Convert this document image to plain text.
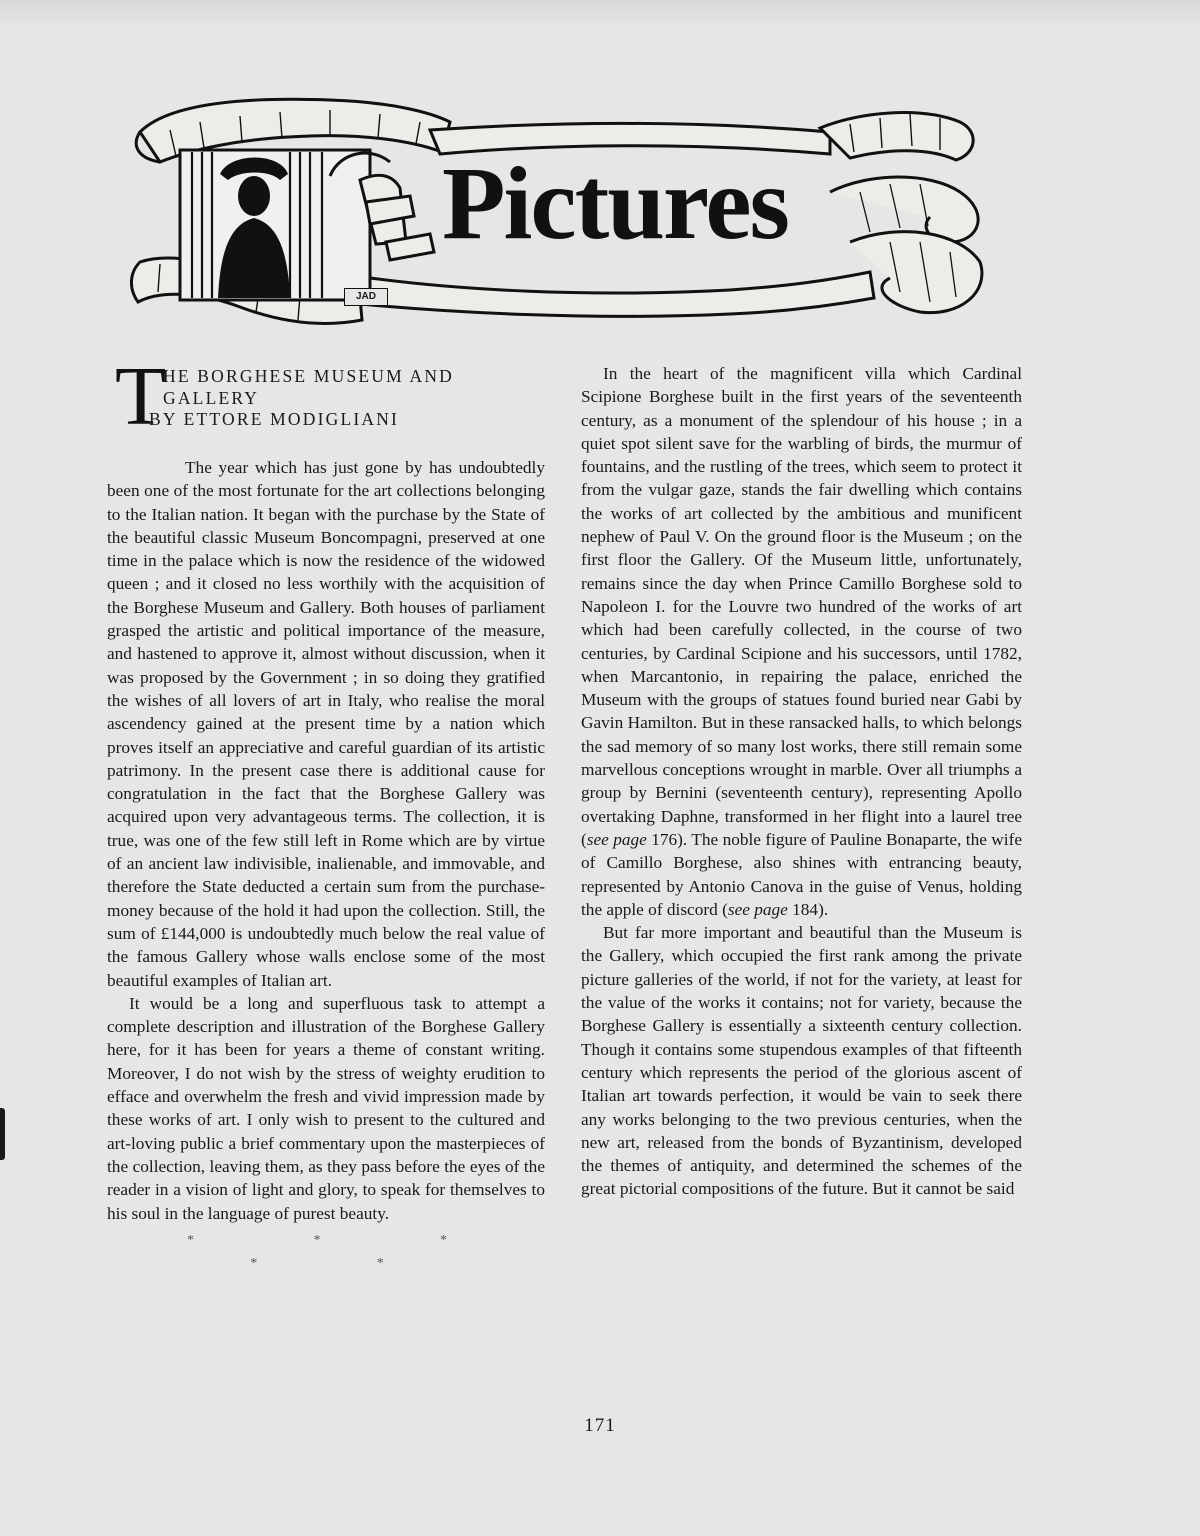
Pictures
JAD
T
HE BORGHESE MUSEUM AND
GALLERY
BY ETTORE MODIGLIANI

The year which has just gone by has undoubtedly been one of the most fortunate for the art collections belonging to the Italian nation. It began with the purchase by the State of the beautiful classic Museum Boncompagni, preserved at one time in the palace which is now the residence of the widowed queen ; and it closed no less worthily with the acquisition of the Borghese Museum and Gallery. Both houses of parliament grasped the artistic and political importance of the measure, and hastened to approve it, almost without discussion, when it was proposed by the Government ; in so doing they gratified the wishes of all lovers of art in Italy, who realise the moral ascendency gained at the present time by a nation which proves itself an appreciative and careful guardian of its artistic patrimony. In the present case there is additional cause for congratulation in the fact that the Borghese Gallery was acquired upon very advantageous terms. The collection, it is true, was one of the few still left in Rome which are by virtue of an ancient law indivisible, inalienable, and immovable, and therefore the State deducted a certain sum from the purchase-money because of the hold it had upon the collection. Still, the sum of £144,000 is undoubtedly much below the real value of the famous Gallery whose walls enclose some of the most beautiful examples of Italian art.

It would be a long and superfluous task to attempt a complete description and illustration of the Borghese Gallery here, for it has been for years a theme of constant writing. Moreover, I do not wish by the stress of weighty erudition to efface and overwhelm the fresh and vivid impression made by these works of art. I only wish to present to the cultured and art-loving public a brief commentary upon the masterpieces of the collection, leaving them, as they pass before the eyes of the reader in a vision of light and glory, to speak for themselves to his soul in the language of purest beauty.

* * * * *

In the heart of the magnificent villa which Cardinal Scipione Borghese built in the first years of the seventeenth century, as a monument of the splendour of his house ; in a quiet spot silent save for the warbling of birds, the murmur of fountains, and the rustling of the trees, which seem to protect it from the vulgar gaze, stands the fair dwelling which contains the works of art collected by the ambitious and munificent nephew of Paul V. On the ground floor is the Museum ; on the first floor the Gallery. Of the Museum little, unfortunately, remains since the day when Prince Camillo Borghese sold to Napoleon I. for the Louvre two hundred of the works of art which had been carefully collected, in the course of two centuries, by Cardinal Scipione and his successors, until 1782, when Marcantonio, in repairing the palace, enriched the Museum with the groups of statues found buried near Gabi by Gavin Hamilton. But in these ransacked halls, to which belongs the sad memory of so many lost works, there still remain some marvellous conceptions wrought in marble. Over all triumphs a group by Bernini (seventeenth century), representing Apollo overtaking Daphne, transformed in her flight into a laurel tree (see page 176). The noble figure of Pauline Bonaparte, the wife of Camillo Borghese, also shines with entrancing beauty, represented by Antonio Canova in the guise of Venus, holding the apple of discord (see page 184).

But far more important and beautiful than the Museum is the Gallery, which occupied the first rank among the private picture galleries of the world, if not for the variety, at least for the value of the works it contains; not for variety, because the Borghese Gallery is essentially a sixteenth century collection. Though it contains some stupendous examples of that fifteenth century which represents the period of the glorious ascent of Italian art towards perfection, it would be vain to seek there any works belonging to the two previous centuries, when the new art, released from the bonds of Byzantinism, developed the themes of antiquity, and determined the schemes of the great pictorial compositions of the future. But it cannot be said

171
